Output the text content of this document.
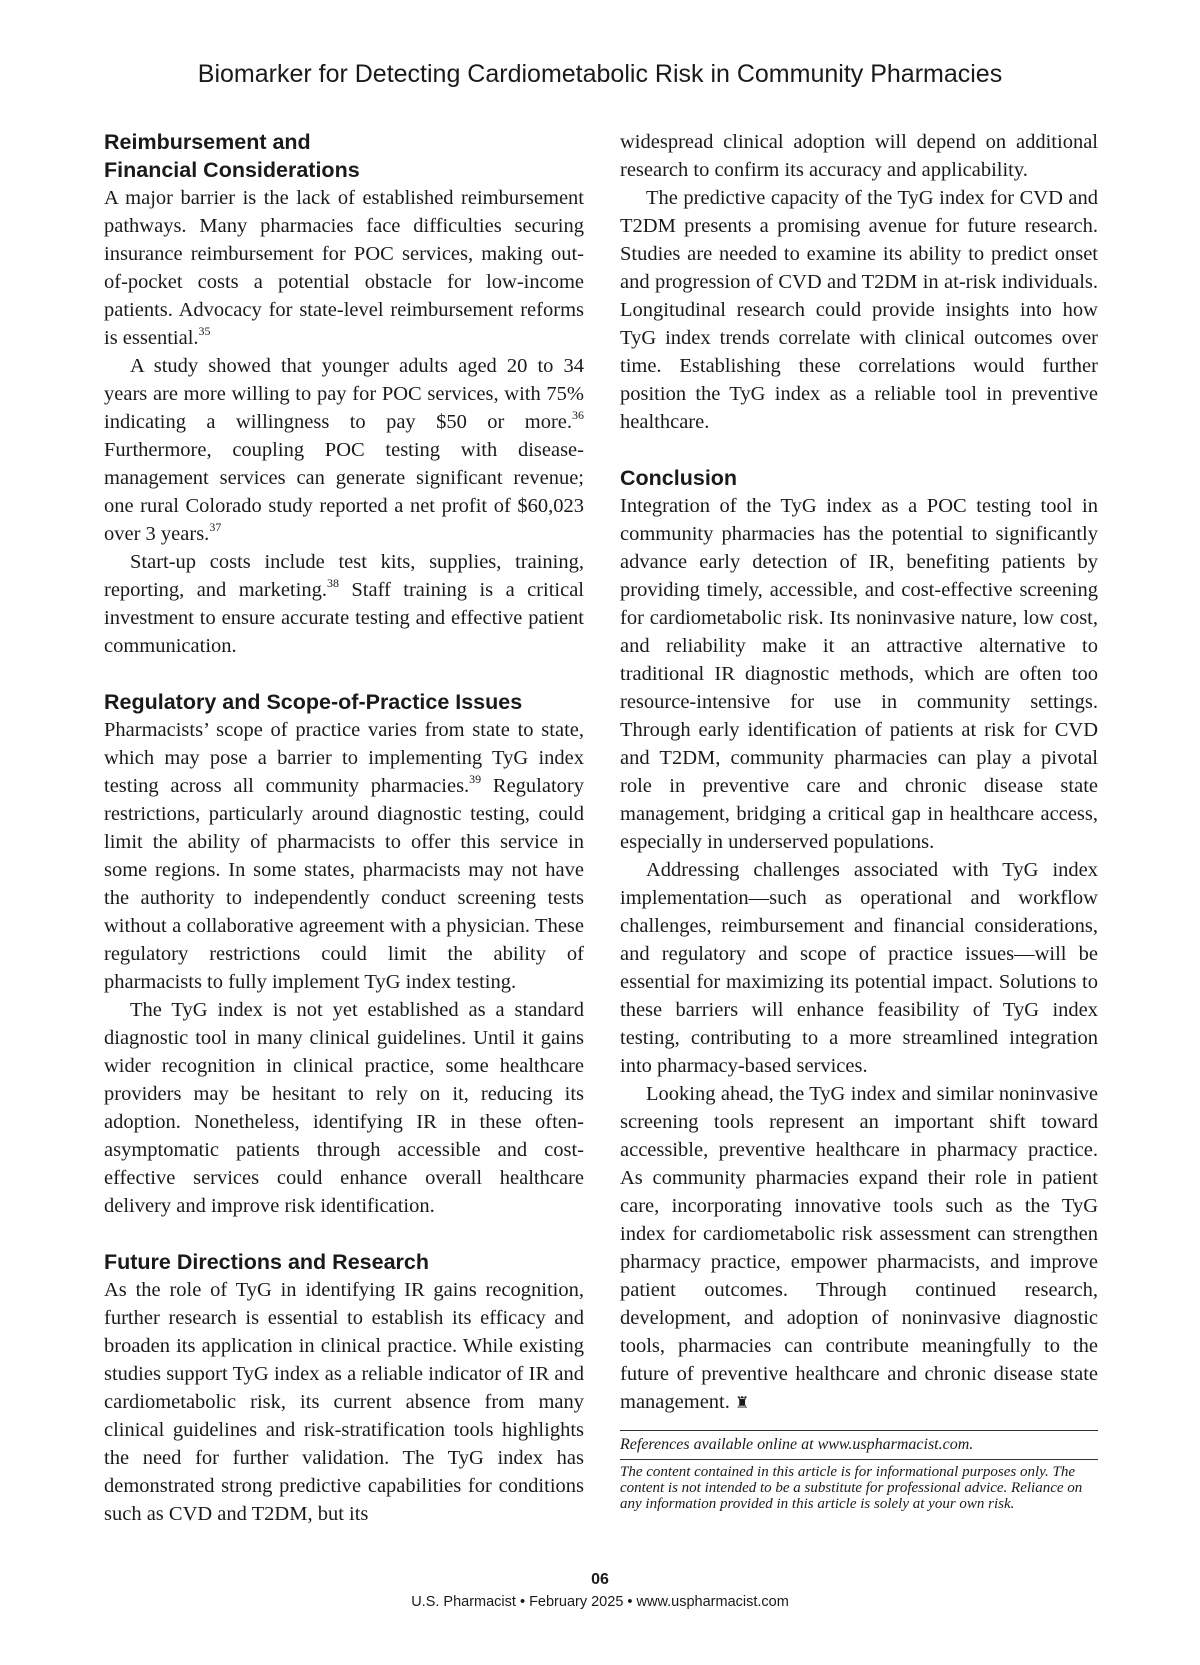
Biomarker for Detecting Cardiometabolic Risk in Community Pharmacies
Reimbursement and
Financial Considerations

A major barrier is the lack of established reimbursement pathways. Many pharmacies face difficulties securing insurance reimbursement for POC services, making out-of-pocket costs a potential obstacle for low-income patients. Advocacy for state-level reimbursement reforms is essential.$^{35}$

A study showed that younger adults aged 20 to 34 years are more willing to pay for POC services, with 75% indicating a willingness to pay $50 or more.$^{36}$ Furthermore, coupling POC testing with disease-management services can generate significant revenue; one rural Colorado study reported a net profit of $60,023 over 3 years.$^{37}$

Start-up costs include test kits, supplies, training, reporting, and marketing.$^{38}$ Staff training is a critical investment to ensure accurate testing and effective patient communication.

Regulatory and Scope-of-Practice Issues

Pharmacists’ scope of practice varies from state to state, which may pose a barrier to implementing TyG index testing across all community pharmacies.$^{39}$ Regulatory restrictions, particularly around diagnostic testing, could limit the ability of pharmacists to offer this service in some regions. In some states, pharmacists may not have the authority to independently conduct screening tests without a collaborative agreement with a physician. These regulatory restrictions could limit the ability of pharmacists to fully implement TyG index testing.

The TyG index is not yet established as a standard diagnostic tool in many clinical guidelines. Until it gains wider recognition in clinical practice, some healthcare providers may be hesitant to rely on it, reducing its adoption. Nonetheless, identifying IR in these often-asymptomatic patients through accessible and cost-effective services could enhance overall healthcare delivery and improve risk identification.

Future Directions and Research

As the role of TyG in identifying IR gains recognition, further research is essential to establish its efficacy and broaden its application in clinical practice. While existing studies support TyG index as a reliable indicator of IR and cardiometabolic risk, its current absence from many clinical guidelines and risk-stratification tools highlights the need for further validation. The TyG index has demonstrated strong predictive capabilities for conditions such as CVD and T2DM, but its

widespread clinical adoption will depend on additional research to confirm its accuracy and applicability.

The predictive capacity of the TyG index for CVD and T2DM presents a promising avenue for future research. Studies are needed to examine its ability to predict onset and progression of CVD and T2DM in at-risk individuals. Longitudinal research could provide insights into how TyG index trends correlate with clinical outcomes over time. Establishing these correlations would further position the TyG index as a reliable tool in preventive healthcare.

Conclusion

Integration of the TyG index as a POC testing tool in community pharmacies has the potential to significantly advance early detection of IR, benefiting patients by providing timely, accessible, and cost-effective screening for cardiometabolic risk. Its noninvasive nature, low cost, and reliability make it an attractive alternative to traditional IR diagnostic methods, which are often too resource-intensive for use in community settings. Through early identification of patients at risk for CVD and T2DM, community pharmacies can play a pivotal role in preventive care and chronic disease state management, bridging a critical gap in healthcare access, especially in underserved populations.

Addressing challenges associated with TyG index implementation—such as operational and workflow challenges, reimbursement and financial considerations, and regulatory and scope of practice issues—will be essential for maximizing its potential impact. Solutions to these barriers will enhance feasibility of TyG index testing, contributing to a more streamlined integration into pharmacy-based services.

Looking ahead, the TyG index and similar noninvasive screening tools represent an important shift toward accessible, preventive healthcare in pharmacy practice. As community pharmacies expand their role in patient care, incorporating innovative tools such as the TyG index for cardiometabolic risk assessment can strengthen pharmacy practice, empower pharmacists, and improve patient outcomes. Through continued research, development, and adoption of noninvasive diagnostic tools, pharmacies can contribute meaningfully to the future of preventive healthcare and chronic disease state management. ♜

References available online at www.uspharmacist.com.

The content contained in this article is for informational purposes only. The content is not intended to be a substitute for professional advice. Reliance on any information provided in this article is solely at your own risk.

06
U.S. Pharmacist • February 2025 • www.uspharmacist.com
